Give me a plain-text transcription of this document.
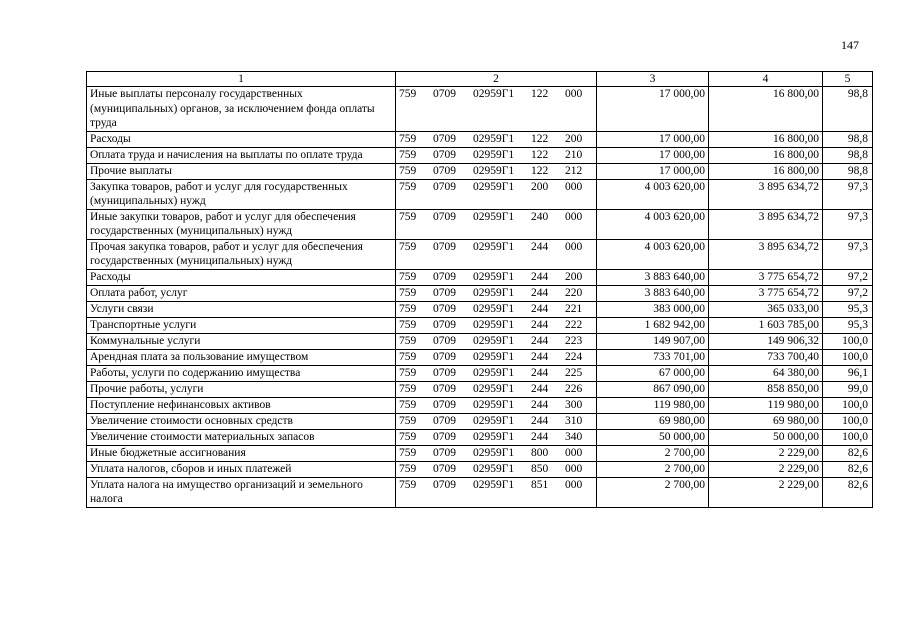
147
1	2	3	4	5
Иные выплаты персоналу государственных (муниципальных) органов, за исключением фонда оплаты труда	759 0709 02959Г1 122 000	17 000,00	16 800,00	98,8
Расходы	759 0709 02959Г1 122 200	17 000,00	16 800,00	98,8
Оплата труда и начисления на выплаты по оплате труда	759 0709 02959Г1 122 210	17 000,00	16 800,00	98,8
Прочие выплаты	759 0709 02959Г1 122 212	17 000,00	16 800,00	98,8
Закупка товаров, работ и услуг для государственных (муниципальных) нужд	759 0709 02959Г1 200 000	4 003 620,00	3 895 634,72	97,3
Иные закупки товаров, работ и услуг для обеспечения государственных (муниципальных) нужд	759 0709 02959Г1 240 000	4 003 620,00	3 895 634,72	97,3
Прочая закупка товаров, работ и услуг для обеспечения государственных (муниципальных) нужд	759 0709 02959Г1 244 000	4 003 620,00	3 895 634,72	97,3
Расходы	759 0709 02959Г1 244 200	3 883 640,00	3 775 654,72	97,2
Оплата работ, услуг	759 0709 02959Г1 244 220	3 883 640,00	3 775 654,72	97,2
Услуги связи	759 0709 02959Г1 244 221	383 000,00	365 033,00	95,3
Транспортные услуги	759 0709 02959Г1 244 222	1 682 942,00	1 603 785,00	95,3
Коммунальные услуги	759 0709 02959Г1 244 223	149 907,00	149 906,32	100,0
Арендная плата за пользование имуществом	759 0709 02959Г1 244 224	733 701,00	733 700,40	100,0
Работы, услуги по содержанию имущества	759 0709 02959Г1 244 225	67 000,00	64 380,00	96,1
Прочие работы, услуги	759 0709 02959Г1 244 226	867 090,00	858 850,00	99,0
Поступление нефинансовых активов	759 0709 02959Г1 244 300	119 980,00	119 980,00	100,0
Увеличение стоимости основных средств	759 0709 02959Г1 244 310	69 980,00	69 980,00	100,0
Увеличение стоимости материальных запасов	759 0709 02959Г1 244 340	50 000,00	50 000,00	100,0
Иные бюджетные ассигнования	759 0709 02959Г1 800 000	2 700,00	2 229,00	82,6
Уплата налогов, сборов и иных платежей	759 0709 02959Г1 850 000	2 700,00	2 229,00	82,6
Уплата налога на имущество организаций и земельного налога	759 0709 02959Г1 851 000	2 700,00	2 229,00	82,6
